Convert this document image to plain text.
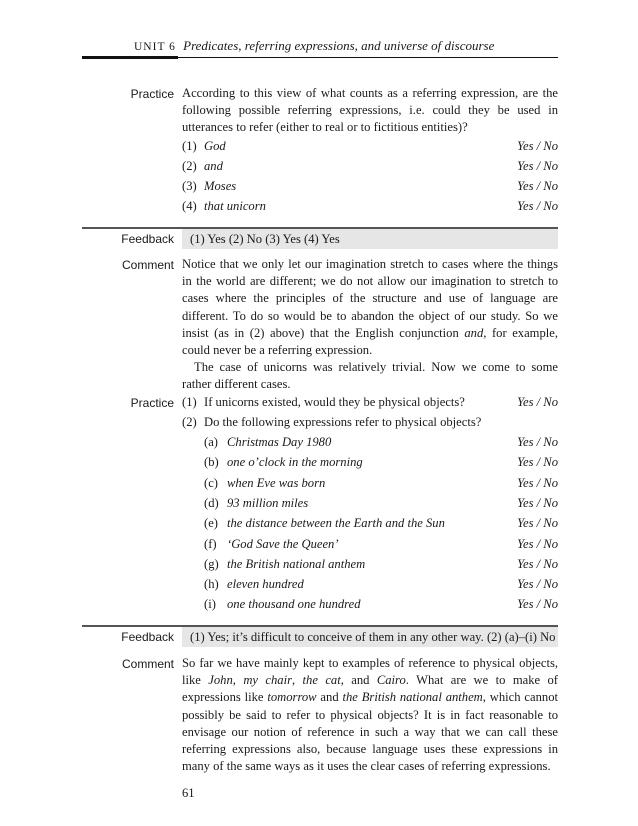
UNIT 6 Predicates, referring expressions, and universe of discourse
Practice According to this view of what counts as a referring expression, are the following possible referring expressions, i.e. could they be used in utterances to refer (either to real or to fictitious entities)?

(1) God	Yes / No
(2) and	Yes / No
(3) Moses	Yes / No
(4) that unicorn	Yes / No
Feedback (1) Yes (2) No (3) Yes (4) Yes
Comment Notice that we only let our imagination stretch to cases where the things in the world are different; we do not allow our imagination to stretch to cases where the principles of the structure and use of language are different. To do so would be to abandon the object of our study. So we insist (as in (2) above) that the English conjunction and, for example, could never be a referring expression.

The case of unicorns was relatively trivial. Now we come to some rather different cases.

Practice (1) If unicorns existed, would they be physical objects?	Yes / No
(2) Do the following expressions refer to physical objects?
(a) Christmas Day 1980	Yes / No
(b) one o’clock in the morning	Yes / No
(c) when Eve was born	Yes / No
(d) 93 million miles	Yes / No
(e) the distance between the Earth and the Sun	Yes / No
(f) ‘God Save the Queen’	Yes / No
(g) the British national anthem	Yes / No
(h) eleven hundred	Yes / No
(i) one thousand one hundred	Yes / No
Feedback (1) Yes; it’s difficult to conceive of them in any other way. (2) (a)–(i) No
Comment So far we have mainly kept to examples of reference to physical objects, like John, my chair, the cat, and Cairo. What are we to make of expressions like tomorrow and the British national anthem, which cannot possibly be said to refer to physical objects? It is in fact reasonable to envisage our notion of reference in such a way that we can call these referring expressions also, because language uses these expressions in many of the same ways as it uses the clear cases of referring expressions.

61
